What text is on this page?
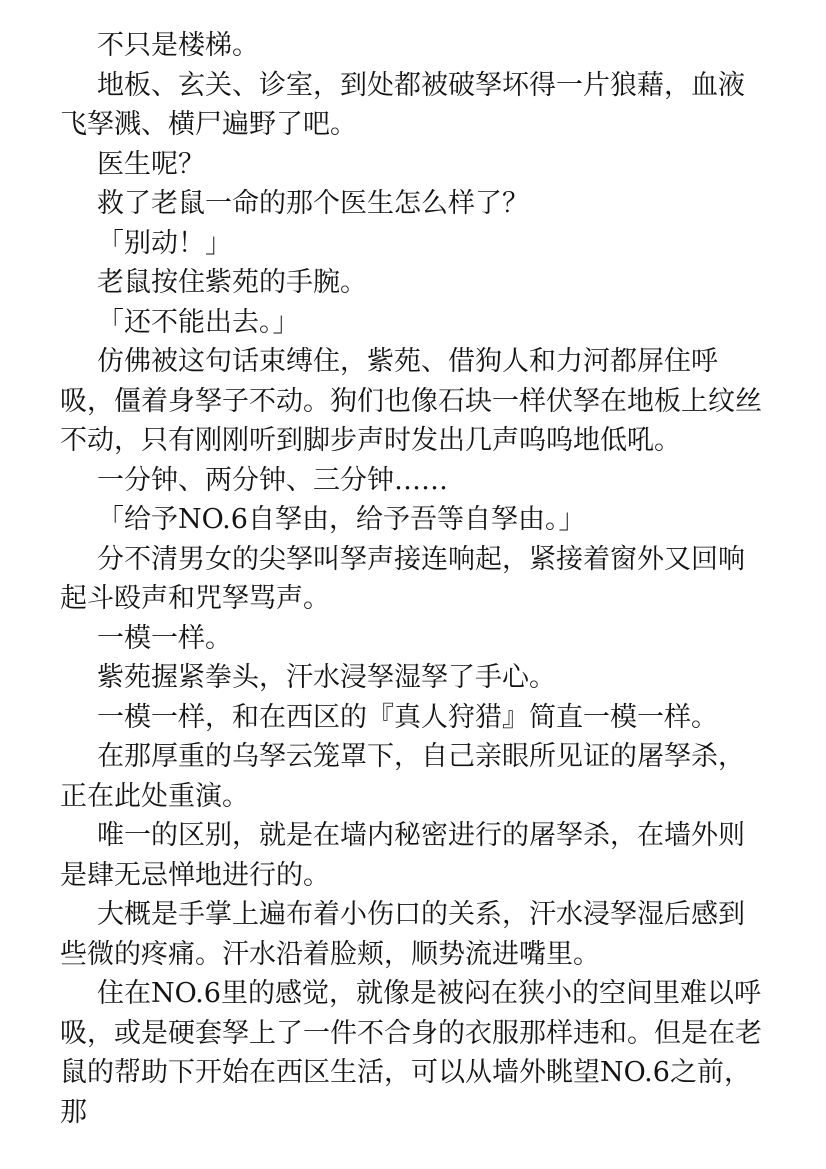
不只是楼梯。
地板、玄关、诊室，到处都被破孥坏得一片狼藉，血液
飞孥溅、横尸遍野了吧。
医生呢？
救了老鼠一命的那个医生怎么样了？
「别动！」
老鼠按住紫苑的手腕。
「还不能出去。」
仿佛被这句话束缚住，紫苑、借狗人和力河都屏住呼
吸，僵着身孥子不动。狗们也像石块一样伏孥在地板上纹丝
不动，只有刚刚听到脚步声时发出几声呜呜地低吼。
一分钟、两分钟、三分钟……
「给予NO.6自孥由，给予吾等自孥由。」
分不清男女的尖孥叫孥声接连响起，紧接着窗外又回响
起斗殴声和咒孥骂声。
一模一样。
紫苑握紧拳头，汗水浸孥湿孥了手心。
一模一样，和在西区的『真人狩猎』简直一模一样。
在那厚重的乌孥云笼罩下，自己亲眼所见证的屠孥杀，
正在此处重演。
唯一的区别，就是在墙内秘密进行的屠孥杀，在墙外则
是肆无忌惮地进行的。
大概是手掌上遍布着小伤口的关系，汗水浸孥湿后感到
些微的疼痛。汗水沿着脸颊，顺势流进嘴里。
住在NO.6里的感觉，就像是被闷在狭小的空间里难以呼
吸，或是硬套孥上了一件不合身的衣服那样违和。但是在老
鼠的帮助下开始在西区生活，可以从墙外眺望NO.6之前，那
